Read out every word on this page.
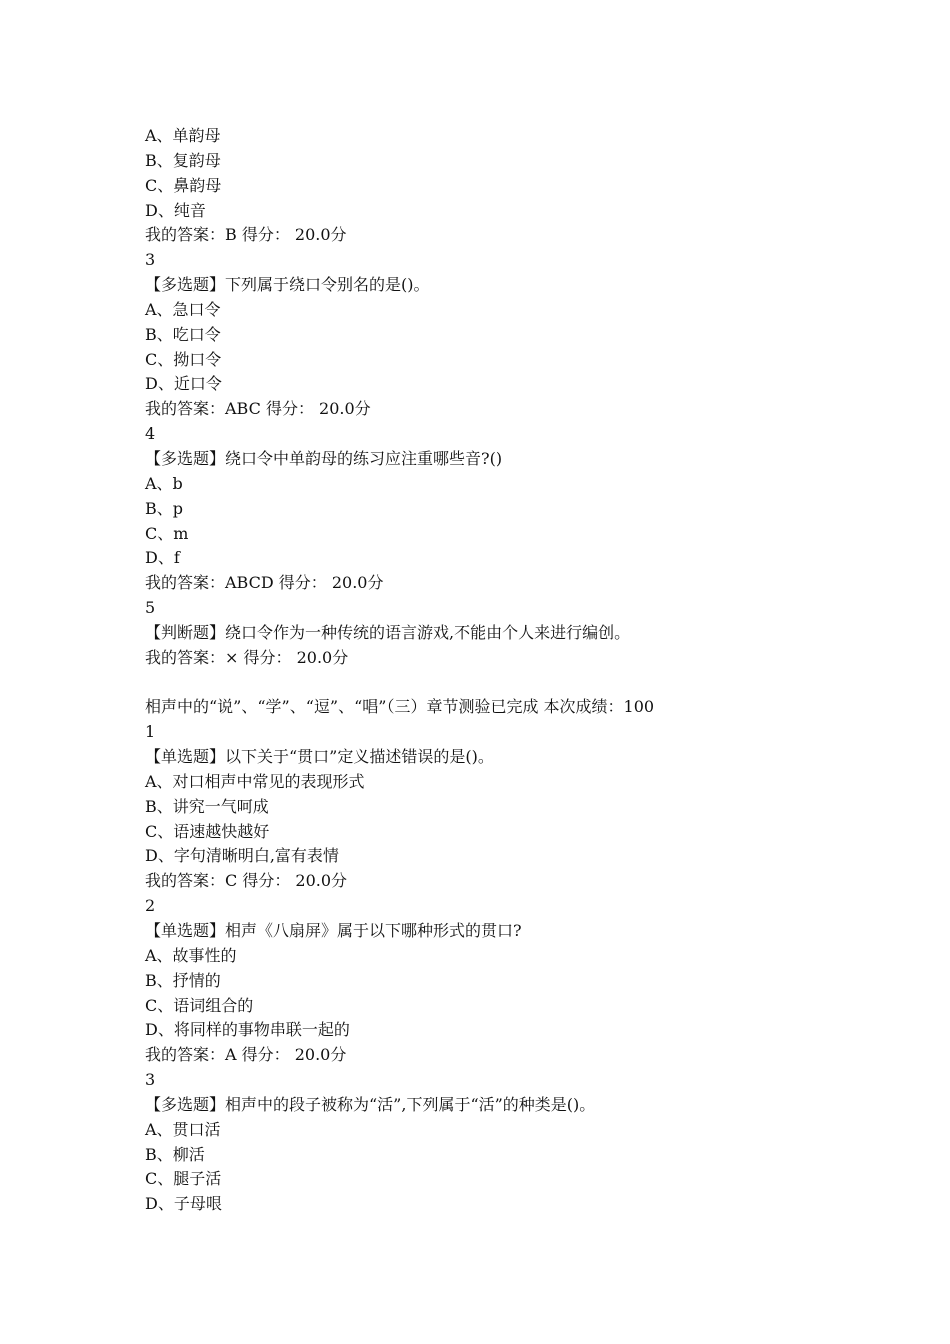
A、单韵母
B、复韵母
C、鼻韵母
D、纯音
我的答案：B 得分： 20.0分
3
【多选题】下列属于绕口令别名的是()。
A、急口令
B、吃口令
C、拗口令
D、近口令
我的答案：ABC 得分： 20.0分
4
【多选题】绕口令中单韵母的练习应注重哪些音?()
A、b
B、p
C、m
D、f
我的答案：ABCD 得分： 20.0分
5
【判断题】绕口令作为一种传统的语言游戏,不能由个人来进行编创。
我的答案：× 得分： 20.0分
相声中的“说”、“学”、“逗”、“唱”（三）章节测验已完成 本次成绩：100
1
【单选题】以下关于“贯口”定义描述错误的是()。
A、对口相声中常见的表现形式
B、讲究一气呵成
C、语速越快越好
D、字句清晰明白,富有表情
我的答案：C 得分： 20.0分
2
【单选题】相声《八扇屏》属于以下哪种形式的贯口?
A、故事性的
B、抒情的
C、语词组合的
D、将同样的事物串联一起的
我的答案：A 得分： 20.0分
3
【多选题】相声中的段子被称为“活”,下列属于“活”的种类是()。
A、贯口活
B、柳活
C、腿子活
D、子母哏
